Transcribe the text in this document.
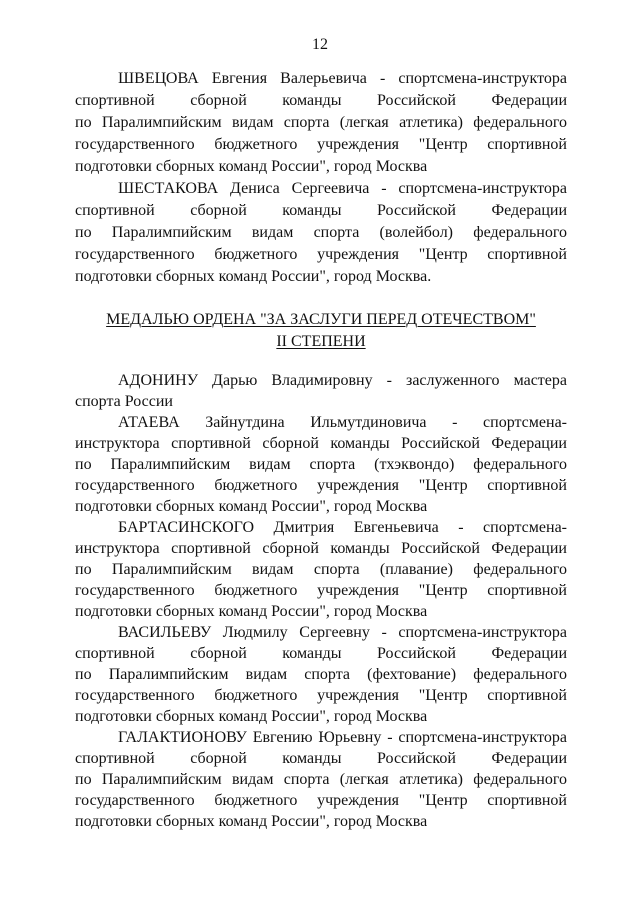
12
ШВЕЦОВА Евгения Валерьевича - спортсмена-инструктора
спортивной сборной команды Российской Федерации
по Паралимпийским видам спорта (легкая атлетика) федерального
государственного бюджетного учреждения "Центр спортивной
подготовки сборных команд России", город Москва
ШЕСТАКОВА Дениса Сергеевича - спортсмена-инструктора
спортивной сборной команды Российской Федерации
по Паралимпийским видам спорта (волейбол) федерального
государственного бюджетного учреждения "Центр спортивной
подготовки сборных команд России", город Москва.
МЕДАЛЬЮ ОРДЕНА "ЗА ЗАСЛУГИ ПЕРЕД ОТЕЧЕСТВОМ"
II СТЕПЕНИ
АДОНИНУ Дарью Владимировну - заслуженного мастера
спорта России
АТАЕВА Зайнутдина Ильмутдиновича - спортсмена-
инструктора спортивной сборной команды Российской Федерации
по Паралимпийским видам спорта (тхэквондо) федерального
государственного бюджетного учреждения "Центр спортивной
подготовки сборных команд России", город Москва
БАРТАСИНСКОГО Дмитрия Евгеньевича - спортсмена-
инструктора спортивной сборной команды Российской Федерации
по Паралимпийским видам спорта (плавание) федерального
государственного бюджетного учреждения "Центр спортивной
подготовки сборных команд России", город Москва
ВАСИЛЬЕВУ Людмилу Сергеевну - спортсмена-инструктора
спортивной сборной команды Российской Федерации
по Паралимпийским видам спорта (фехтование) федерального
государственного бюджетного учреждения "Центр спортивной
подготовки сборных команд России", город Москва
ГАЛАКТИОНОВУ Евгению Юрьевну - спортсмена-инструктора
спортивной сборной команды Российской Федерации
по Паралимпийским видам спорта (легкая атлетика) федерального
государственного бюджетного учреждения "Центр спортивной
подготовки сборных команд России", город Москва
